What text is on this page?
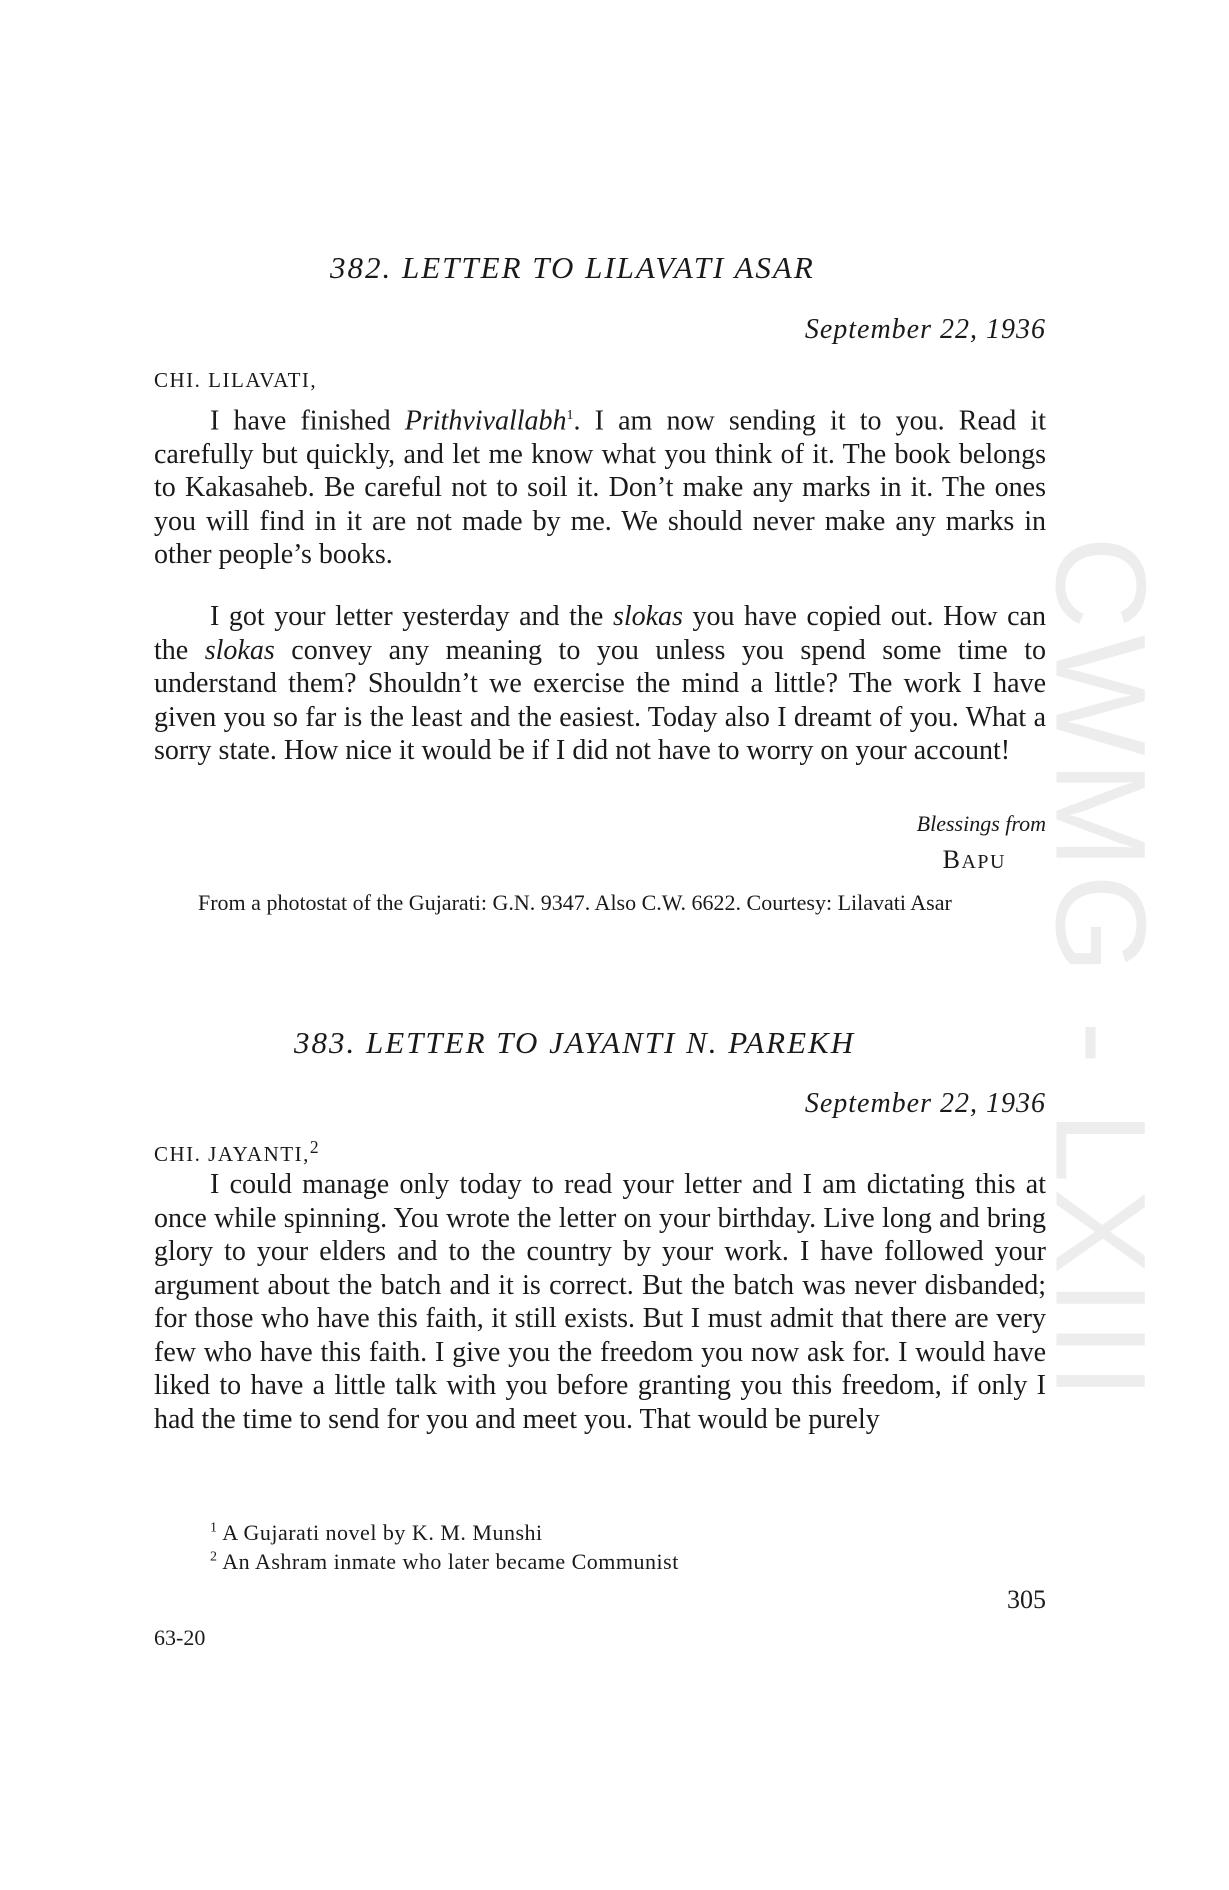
CWMG - LXIII
382. LETTER TO LILAVATI ASAR
September 22, 1936
CHI. LILAVATI,

I have finished Prithvivallabh$^1$. I am now sending it to you. Read it carefully but quickly, and let me know what you think of it. The book belongs to Kakasaheb. Be careful not to soil it. Don’t make any marks in it. The ones you will find in it are not made by me. We should never make any marks in other people’s books.

I got your letter yesterday and the slokas you have copied out. How can the slokas convey any meaning to you unless you spend some time to understand them? Shouldn’t we exercise the mind a little? The work I have given you so far is the least and the easiest. Today also I dreamt of you. What a sorry state. How nice it would be if I did not have to worry on your account!

Blessings from
BAPU

From a photostat of the Gujarati: G.N. 9347. Also C.W. 6622. Courtesy: Lilavati Asar

383. LETTER TO JAYANTI N. PAREKH
September 22, 1936
CHI. JAYANTI,$^2$

I could manage only today to read your letter and I am dictating this at once while spinning. You wrote the letter on your birthday. Live long and bring glory to your elders and to the country by your work. I have followed your argument about the batch and it is correct. But the batch was never disbanded; for those who have this faith, it still exists. But I must admit that there are very few who have this faith. I give you the freedom you now ask for. I would have liked to have a little talk with you before granting you this freedom, if only I had the time to send for you and meet you. That would be purely

$^1$ A Gujarati novel by K. M. Munshi
$^2$ An Ashram inmate who later became Communist
305
63-20
